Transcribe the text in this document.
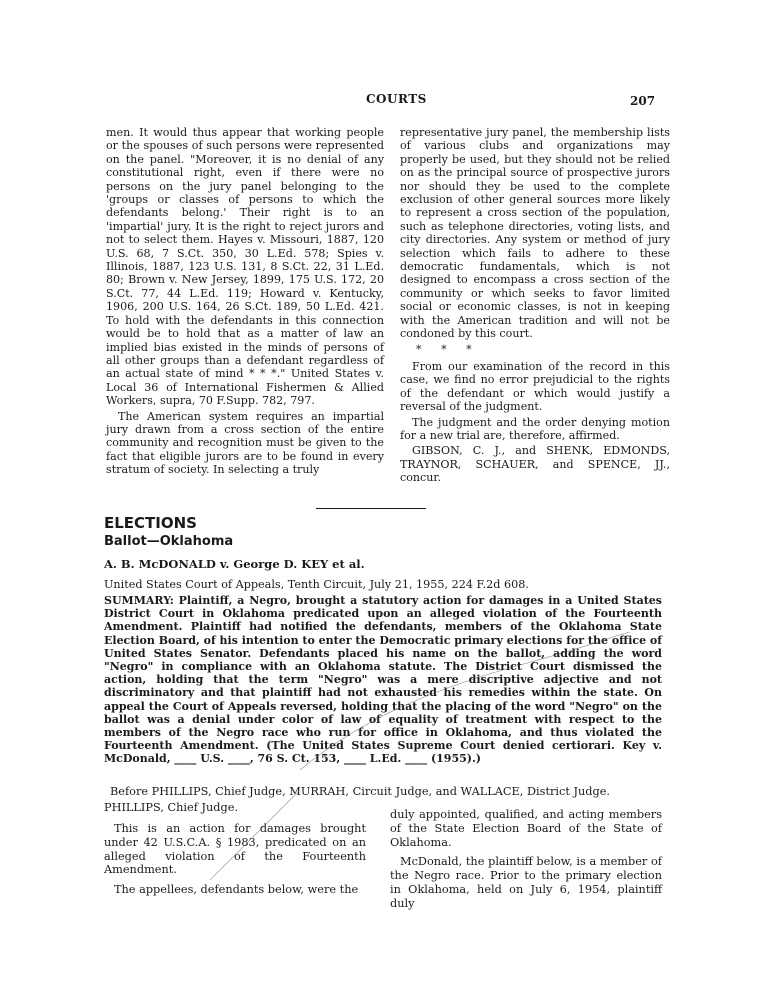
COURTS	207

men. It would thus appear that working people or the spouses of such persons were represented on the panel. "Moreover, it is no denial of any constitutional right, even if there were no persons on the jury panel belonging to the 'groups or classes of persons to which the defendants belong.' Their right is to an 'impartial' jury. It is the right to reject jurors and not to select them. Hayes v. Missouri, 1887, 120 U.S. 68, 7 S.Ct. 350, 30 L.Ed. 578; Spies v. Illinois, 1887, 123 U.S. 131, 8 S.Ct. 22, 31 L.Ed. 80; Brown v. New Jersey, 1899, 175 U.S. 172, 20 S.Ct. 77, 44 L.Ed. 119; Howard v. Kentucky, 1906, 200 U.S. 164, 26 S.Ct. 189, 50 L.Ed. 421. To hold with the defendants in this connection would be to hold that as a matter of law an implied bias existed in the minds of persons of all other groups than a defendant regardless of an actual state of mind * * *." United States v. Local 36 of International Fishermen & Allied Workers, supra, 70 F.Supp. 782, 797.

The American system requires an impartial jury drawn from a cross section of the entire community and recognition must be given to the fact that eligible jurors are to be found in every stratum of society. In selecting a truly

representative jury panel, the membership lists of various clubs and organizations may properly be used, but they should not be relied on as the principal source of prospective jurors nor should they be used to the complete exclusion of other general sources more likely to represent a cross section of the population, such as telephone directories, voting lists, and city directories. Any system or method of jury selection which fails to adhere to these democratic fundamentals, which is not designed to encompass a cross section of the community or which seeks to favor limited social or economic classes, is not in keeping with the American tradition and will not be condoned by this court.

* * *

From our examination of the record in this case, we find no error prejudicial to the rights of the defendant or which would justify a reversal of the judgment.

The judgment and the order denying motion for a new trial are, therefore, affirmed.

GIBSON, C. J., and SHENK, EDMONDS, TRAYNOR, SCHAUER, and SPENCE, JJ., concur.

ELECTIONS
Ballot—Oklahoma
A. B. McDONALD v. George D. KEY et al.
United States Court of Appeals, Tenth Circuit, July 21, 1955, 224 F.2d 608.

SUMMARY: Plaintiff, a Negro, brought a statutory action for damages in a United States District Court in Oklahoma predicated upon an alleged violation of the Fourteenth Amendment. Plaintiff had notified the defendants, members of the Oklahoma State Election Board, of his intention to enter the Democratic primary elections for the office of United States Senator. Defendants placed his name on the ballot, adding the word "Negro" in compliance with an Oklahoma statute. The District Court dismissed the action, holding that the term "Negro" was a mere discriptive adjective and not discriminatory and that plaintiff had not exhausted his remedies within the state. On appeal the Court of Appeals reversed, holding that the placing of the word "Negro" on the ballot was a denial under color of law of equality of treatment with respect to the members of the Negro race who run for office in Oklahoma, and thus violated the Fourteenth Amendment. (The United States Supreme Court denied certiorari. Key v. McDonald, ____ U.S. ____, 76 S. Ct. 153, ____ L.Ed. ____ (1955).)

Before PHILLIPS, Chief Judge, MURRAH, Circuit Judge, and WALLACE, District Judge.
PHILLIPS, Chief Judge.

This is an action for damages brought under 42 U.S.C.A. § 1983, predicated on an alleged violation of the Fourteenth Amendment.

The appellees, defendants below, were the

duly appointed, qualified, and acting members of the State Election Board of the State of Oklahoma.

McDonald, the plaintiff below, is a member of the Negro race. Prior to the primary election in Oklahoma, held on July 6, 1954, plaintiff duly
